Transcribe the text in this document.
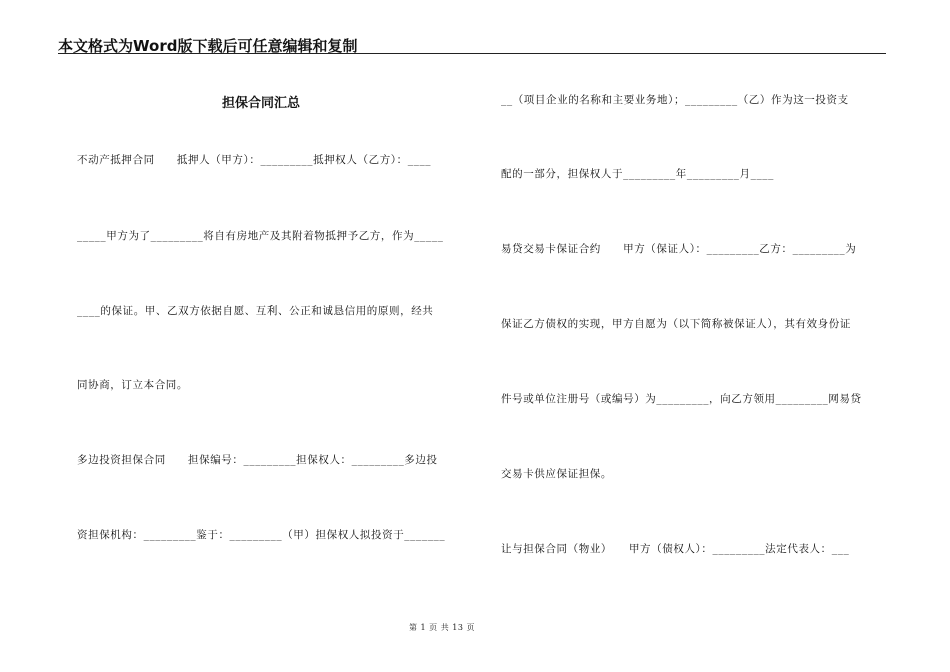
本文格式为Word版下载后可任意编辑和复制
担保合同汇总
不动产抵押合同　　抵押人（甲方）：_________抵押权人（乙方）：____
_____甲方为了_________将自有房地产及其附着物抵押予乙方，作为_____
____的保证。甲、乙双方依据自愿、互利、公正和诚恳信用的原则，经共
同协商，订立本合同。
多边投资担保合同　　担保编号：_________担保权人：_________多边投
资担保机构：_________鉴于：_________（甲）担保权人拟投资于_______
__（项目企业的名称和主要业务地）；_________（乙）作为这一投资支
配的一部分，担保权人于_________年_________月____
易贷交易卡保证合约　　甲方（保证人）：_________乙方：_________为
保证乙方债权的实现，甲方自愿为（以下简称被保证人），其有效身份证
件号或单位注册号（或编号）为_________，向乙方领用_________网易贷
交易卡供应保证担保。
让与担保合同（物业）　　甲方（债权人）：_________法定代表人：___
第 1 页 共 13 页
